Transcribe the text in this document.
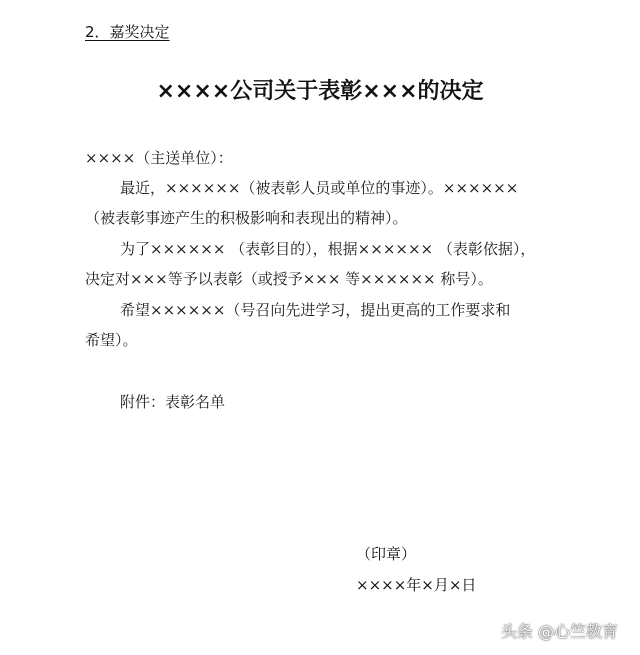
2．嘉奖决定
××××公司关于表彰×××的决定
××××（主送单位）：
最近，××××××（被表彰人员或单位的事迹）。××××××
（被表彰事迹产生的积极影响和表现出的精神）。
为了×××××× （表彰目的），根据×××××× （表彰依据），
决定对×××等予以表彰（或授予××× 等×××××× 称号）。
希望××××××（号召向先进学习，提出更高的工作要求和
希望）。
附件：表彰名单
（印章）
××××年×月×日
头条 @心竺教育
